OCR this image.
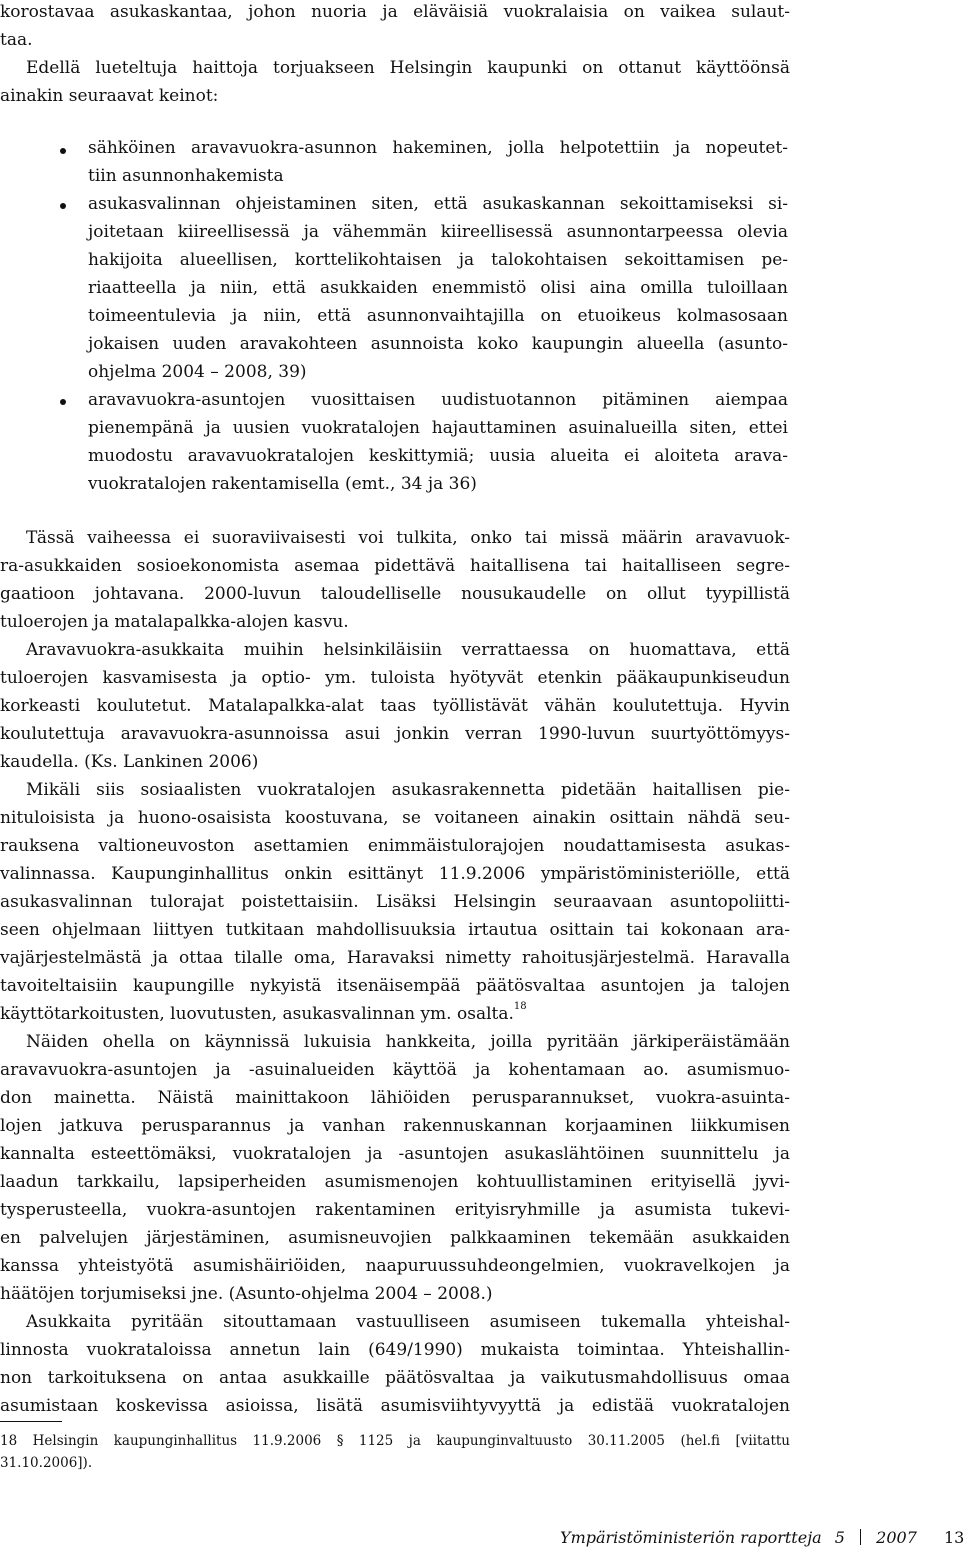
korostavaa asukaskantaa, johon nuoria ja eläväisiä vuokralaisia on vaikea sulaut-

taa.

Edellä lueteltuja haittoja torjuakseen Helsingin kaupunki on ottanut käyttöönsä

ainakin seuraavat keinot:

sähköinen aravavuokra-asunnon hakeminen, jolla helpotettiin ja nopeutet-

tiin asunnonhakemista

asukasvalinnan ohjeistaminen siten, että asukaskannan sekoittamiseksi si-

joitetaan kiireellisessä ja vähemmän kiireellisessä asunnontarpeessa olevia

hakijoita alueellisen, korttelikohtaisen ja talokohtaisen sekoittamisen pe-

riaatteella ja niin, että asukkaiden enemmistö olisi aina omilla tuloillaan

toimeentulevia ja niin, että asunnonvaihtajilla on etuoikeus kolmasosaan

jokaisen uuden aravakohteen asunnoista koko kaupungin alueella (asunto-

ohjelma 2004 – 2008, 39)

aravavuokra-asuntojen vuosittaisen uudistuotannon pitäminen aiempaa

pienempänä ja uusien vuokratalojen hajauttaminen asuinalueilla siten, ettei

muodostu aravavuokratalojen keskittymiä; uusia alueita ei aloiteta arava-

vuokratalojen rakentamisella (emt., 34 ja 36)

Tässä vaiheessa ei suoraviivaisesti voi tulkita, onko tai missä määrin aravavuok-

ra-asukkaiden sosioekonomista asemaa pidettävä haitallisena tai haitalliseen segre-

gaatioon johtavana. 2000-luvun taloudelliselle nousukaudelle on ollut tyypillistä

tuloerojen ja matalapalkka-alojen kasvu.

Aravavuokra-asukkaita muihin helsinkiläisiin verrattaessa on huomattava, että

tuloerojen kasvamisesta ja optio- ym. tuloista hyötyvät etenkin pääkaupunkiseudun

korkeasti koulutetut. Matalapalkka-alat taas työllistävät vähän koulutettuja. Hyvin

koulutettuja aravavuokra-asunnoissa asui jonkin verran 1990-luvun suurtyöttömyys-

kaudella. (Ks. Lankinen 2006)

Mikäli siis sosiaalisten vuokratalojen asukasrakennetta pidetään haitallisen pie-

nituloisista ja huono-osaisista koostuvana, se voitaneen ainakin osittain nähdä seu-

rauksena valtioneuvoston asettamien enimmäistulorajojen noudattamisesta asukas-

valinnassa. Kaupunginhallitus onkin esittänyt 11.9.2006 ympäristöministeriölle, että

asukasvalinnan tulorajat poistettaisiin. Lisäksi Helsingin seuraavaan asuntopoliitti-

seen ohjelmaan liittyen tutkitaan mahdollisuuksia irtautua osittain tai kokonaan ara-

vajärjestelmästä ja ottaa tilalle oma, Haravaksi nimetty rahoitusjärjestelmä. Haravalla

tavoiteltaisiin kaupungille nykyistä itsenäisempää päätösvaltaa asuntojen ja talojen

käyttötarkoitusten, luovutusten, asukasvalinnan ym. osalta.$^{18}$

Näiden ohella on käynnissä lukuisia hankkeita, joilla pyritään järkiperäistämään

aravavuokra-asuntojen ja -asuinalueiden käyttöä ja kohentamaan ao. asumismuo-

don mainetta. Näistä mainittakoon lähiöiden perusparannukset, vuokra-asuinta-

lojen jatkuva perusparannus ja vanhan rakennuskannan korjaaminen liikkumisen

kannalta esteettömäksi, vuokratalojen ja -asuntojen asukaslähtöinen suunnittelu ja

laadun tarkkailu, lapsiperheiden asumismenojen kohtuullistaminen erityisellä jyvi-

tysperusteella, vuokra-asuntojen rakentaminen erityisryhmille ja asumista tukevi-

en palvelujen järjestäminen, asumisneuvojien palkkaaminen tekemään asukkaiden

kanssa yhteistyötä asumishäiriöiden, naapuruussuhdeongelmien, vuokravelkojen ja

häätöjen torjumiseksi jne. (Asunto-ohjelma 2004 – 2008.)

Asukkaita pyritään sitouttamaan vastuulliseen asumiseen tukemalla yhteishal-

linnosta vuokrataloissa annetun lain (649/1990) mukaista toimintaa. Yhteishallin-

non tarkoituksena on antaa asukkaille päätösvaltaa ja vaikutusmahdollisuus omaa

asumistaan koskevissa asioissa, lisätä asumisviihtyvyyttä ja edistää vuokratalojen

18 Helsingin kaupunginhallitus 11.9.2006 § 1125 ja kaupunginvaltuusto 30.11.2005 (hel.fi [viitattu

31.10.2006]).

Ympäristöministeriön raportteja 5 2007 13
